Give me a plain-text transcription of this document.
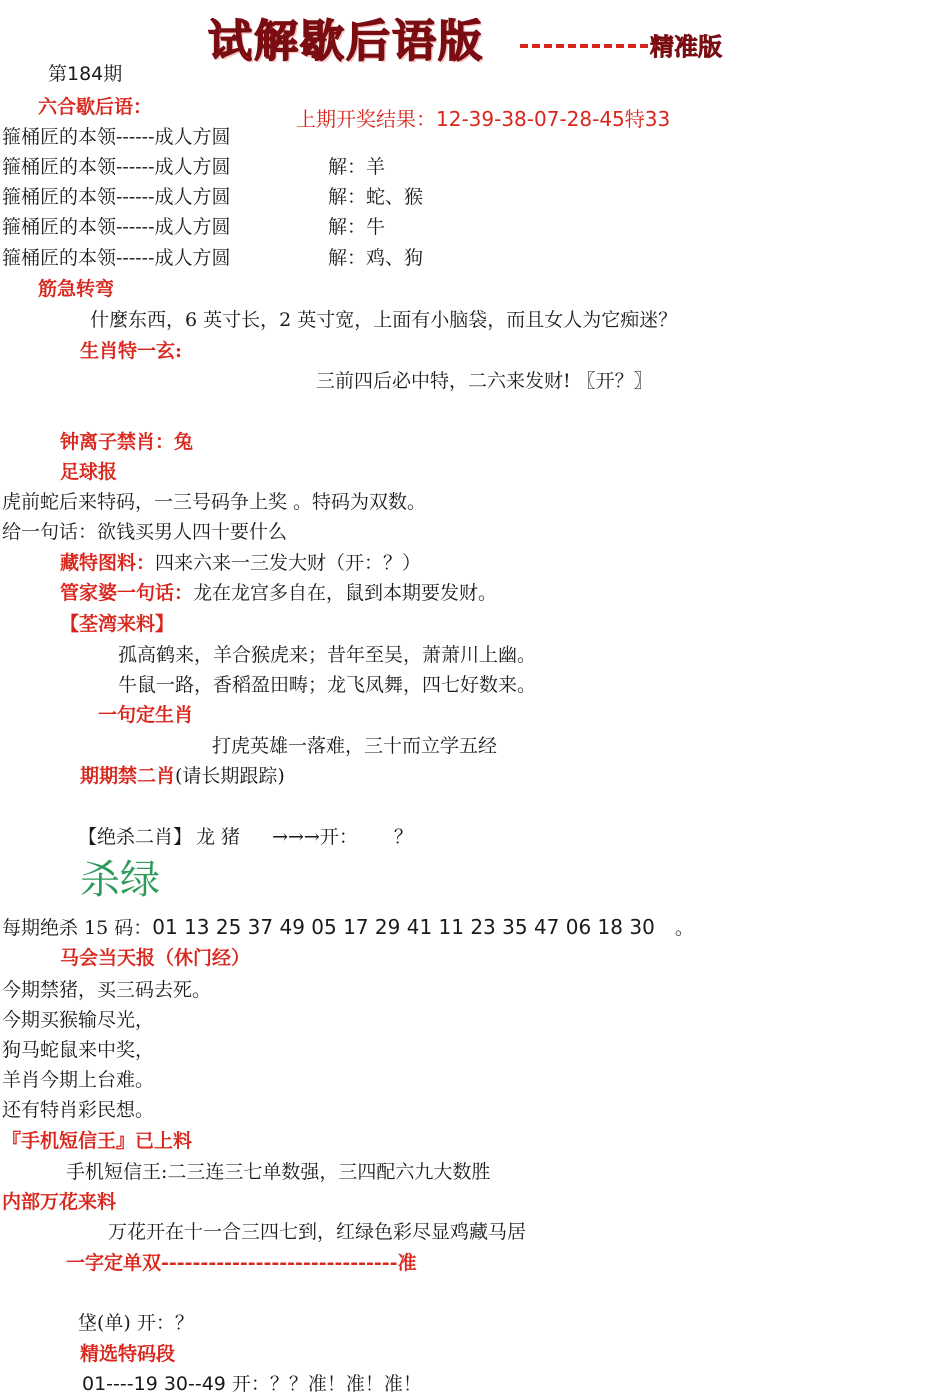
试解歇后语版	精准版
第184期
上期开奖结果：12-39-38-07-28-45特33
六合歇后语：
箍桶匠的本领------成人方圆
箍桶匠的本领------成人方圆
箍桶匠的本领------成人方圆
箍桶匠的本领------成人方圆
箍桶匠的本领------成人方圆
解：羊
解：蛇、猴
解：牛
解：鸡、狗
筋急转弯
什麼东西，6 英寸长，2 英寸宽，上面有小脑袋，而且女人为它痴迷？
生肖特一玄:
三前四后必中特，二六来发财! 〖开？〗
钟离子禁肖：兔
足球报
虎前蛇后来特码，一三号码争上奖 。特码为双数。
给一句话：欲钱买男人四十要什么
藏特图料：四来六来一三发大财（开：？）
管家婆一句话：龙在龙宫多自在，鼠到本期要发财。
【荃湾来料】
孤高鹤来，羊合猴虎来；昔年至吴，萧萧川上幽。
牛鼠一路，香稻盈田畴；龙飞凤舞，四七好数来。
一句定生肖
打虎英雄一落难，三十而立学五经
期期禁二肖(请长期跟踪)
【绝杀二肖】 龙 猪 →→→开： ？
杀绿
每期绝杀 15 码：01 13 25 37 49 05 17 29 41 11 23 35 47 06 18 30 。
马会当天报（休门经）
今期禁猪，买三码去死。
今期买猴输尽光，
狗马蛇鼠来中奖，
羊肖今期上台难。
还有特肖彩民想。
『手机短信王』已上料
手机短信王:二三连三七单数强，三四配六九大数胜
内部万花来料
万花开在十一合三四七到，红绿色彩尽显鸡藏马居
一字定单双------------------------------准
垡(单) 开：？
精选特码段
01----19 30--49 开：？？准！准！准！
